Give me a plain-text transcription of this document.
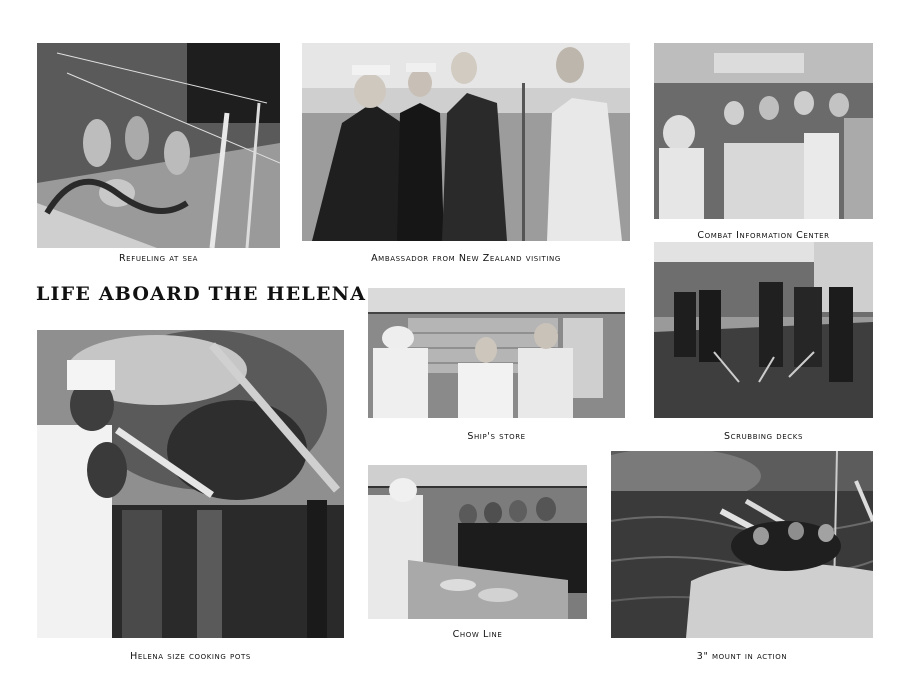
Refueling at sea	Ambassador from New Zealand visiting
Combat Information Center
LIFE ABOARD THE HELENA
Ship's store	Scrubbing decks
Helena size cooking pots
Chow Line
3" mount in action
